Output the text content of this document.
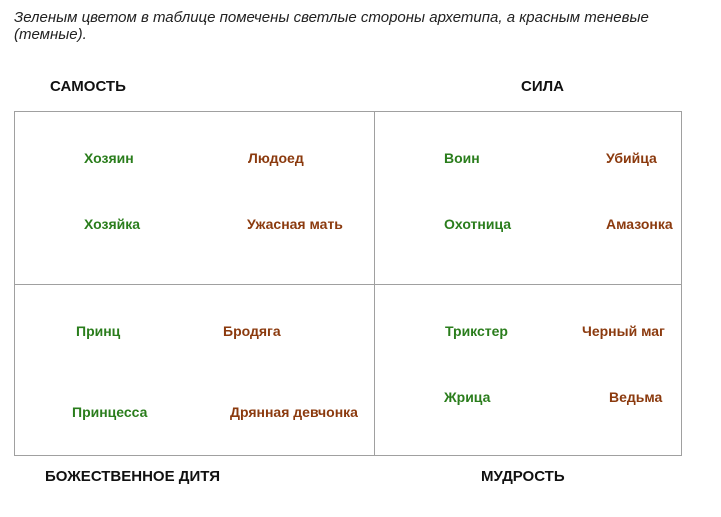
Зеленым цветом в таблице помечены светлые стороны архетипа, а красным теневые (темные).
САМОСТЬ	СИЛА
Хозяин	Людоед
Хозяйка	Ужасная мать
Воин	Убийца
Охотница	Амазонка
Принц	Бродяга
Принцесса	Дрянная девчонка
Трикстер	Черный маг
Жрица	Ведьма
БОЖЕСТВЕННОЕ ДИТЯ	МУДРОСТЬ
